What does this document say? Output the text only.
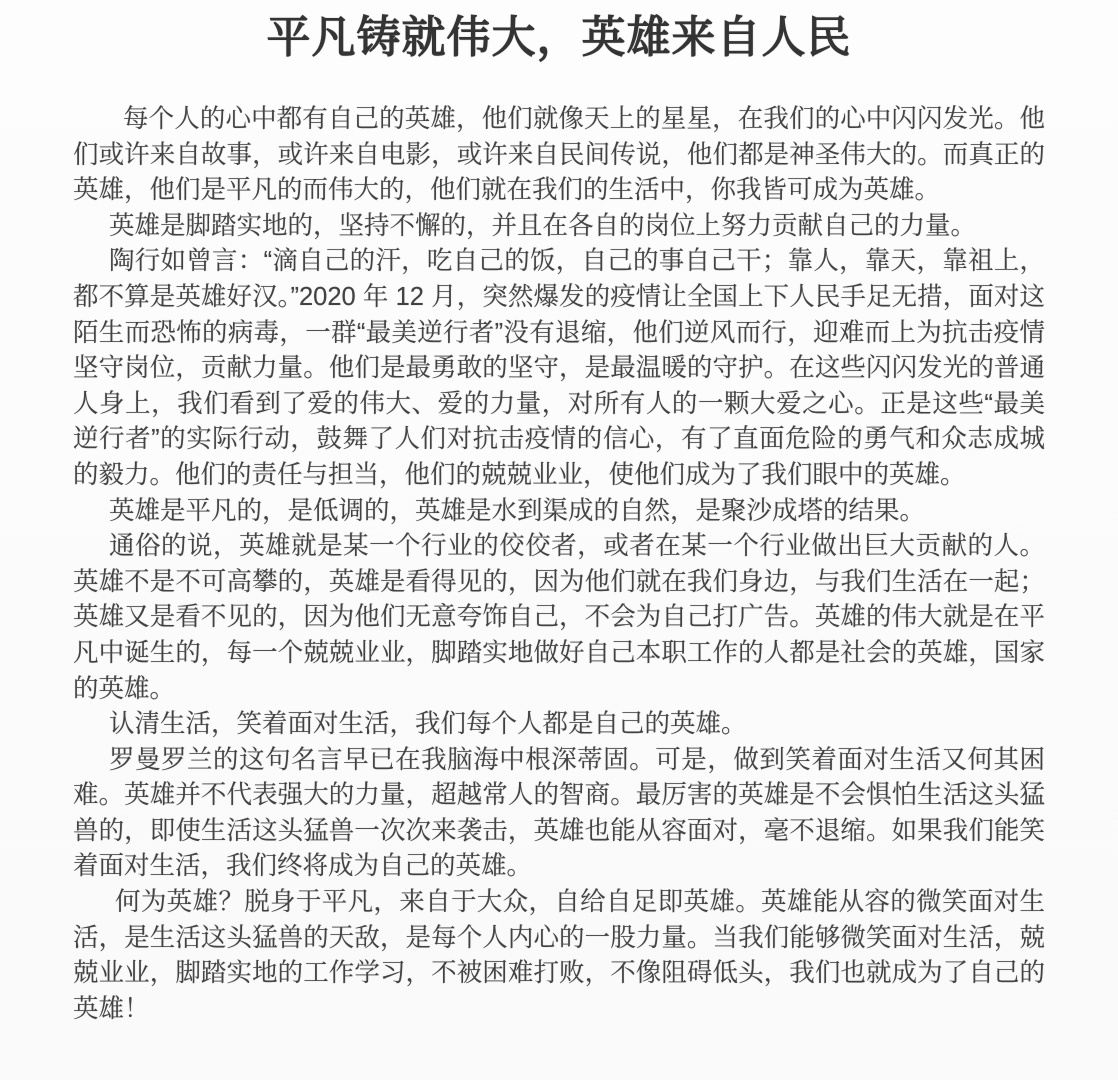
平凡铸就伟大，英雄来自人民

每个人的心中都有自己的英雄，他们就像天上的星星，在我们的心中闪闪发光。他们或许来自故事，或许来自电影，或许来自民间传说，他们都是神圣伟大的。而真正的英雄，他们是平凡的而伟大的，他们就在我们的生活中，你我皆可成为英雄。

英雄是脚踏实地的，坚持不懈的，并且在各自的岗位上努力贡献自己的力量。

陶行如曾言：“滴自己的汗，吃自己的饭，自己的事自己干；靠人，靠天，靠祖上，都不算是英雄好汉。”2020 年 12 月，突然爆发的疫情让全国上下人民手足无措，面对这陌生而恐怖的病毒，一群“最美逆行者”没有退缩，他们逆风而行，迎难而上为抗击疫情坚守岗位，贡献力量。他们是最勇敢的坚守，是最温暖的守护。在这些闪闪发光的普通人身上，我们看到了爱的伟大、爱的力量，对所有人的一颗大爱之心。正是这些“最美逆行者”的实际行动，鼓舞了人们对抗击疫情的信心，有了直面危险的勇气和众志成城的毅力。他们的责任与担当，他们的兢兢业业，使他们成为了我们眼中的英雄。

英雄是平凡的，是低调的，英雄是水到渠成的自然，是聚沙成塔的结果。

通俗的说，英雄就是某一个行业的佼佼者，或者在某一个行业做出巨大贡献的人。英雄不是不可高攀的，英雄是看得见的，因为他们就在我们身边，与我们生活在一起；英雄又是看不见的，因为他们无意夸饰自己，不会为自己打广告。英雄的伟大就是在平凡中诞生的，每一个兢兢业业，脚踏实地做好自己本职工作的人都是社会的英雄，国家的英雄。

认清生活，笑着面对生活，我们每个人都是自己的英雄。

罗曼罗兰的这句名言早已在我脑海中根深蒂固。可是，做到笑着面对生活又何其困难。英雄并不代表强大的力量，超越常人的智商。最厉害的英雄是不会惧怕生活这头猛兽的，即使生活这头猛兽一次次来袭击，英雄也能从容面对，毫不退缩。如果我们能笑着面对生活，我们终将成为自己的英雄。

何为英雄？脱身于平凡，来自于大众，自给自足即英雄。英雄能从容的微笑面对生活，是生活这头猛兽的天敌，是每个人内心的一股力量。当我们能够微笑面对生活，兢兢业业，脚踏实地的工作学习，不被困难打败，不像阻碍低头，我们也就成为了自己的英雄！
